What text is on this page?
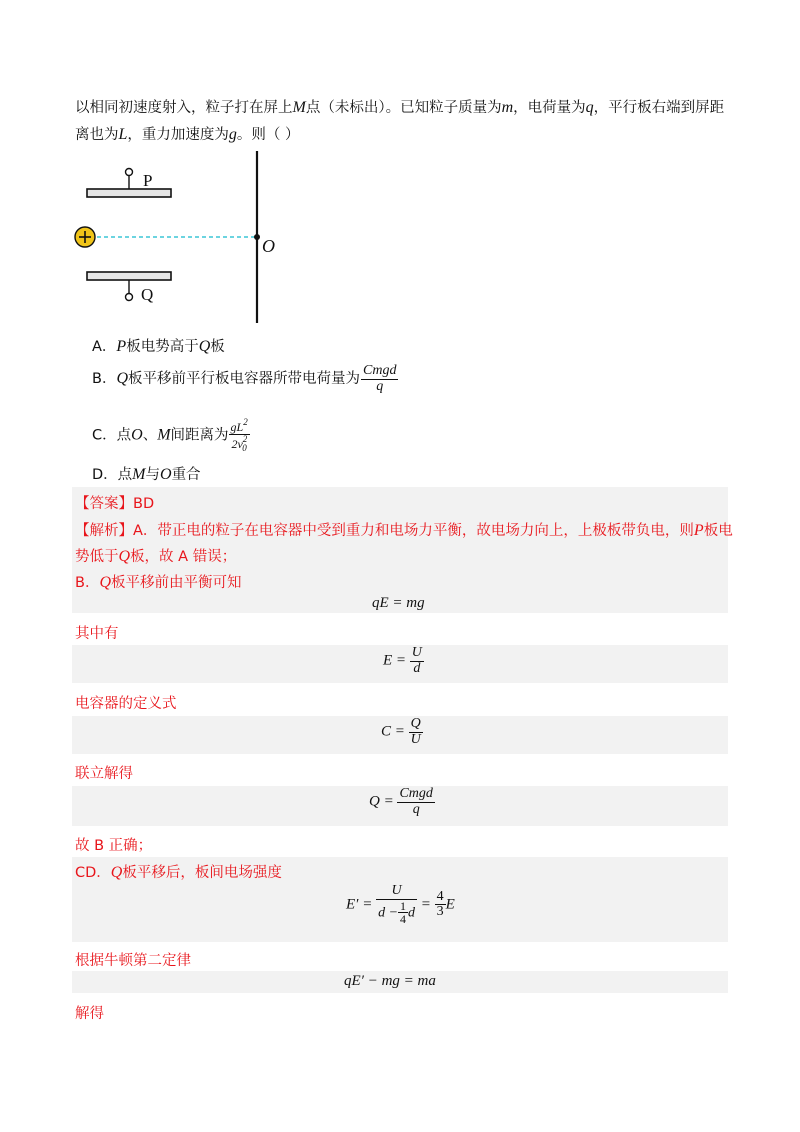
以相同初速度射入，粒子打在屏上M点（未标出）。已知粒子质量为m，电荷量为q，平行板右端到屏距
离也为L，重力加速度为g。则（ ）
P
Q
O
A．P板电势高于Q板
B．Q板平移前平行板电容器所带电荷量为 $\frac{\text{Cmgd}}{q}$
C．点O、M间距离为 $\frac{gL^2}{2v^2_0}$
D．点M与O重合
【答案】BD
【解析】A．带正电的粒子在电容器中受到重力和电场力平衡，故电场力向上，上极板带负电，则P板电
势低于Q板，故 A 错误；
B．Q板平移前由平衡可知
qE = mg
其中有
$E = \frac{U}{d}$
电容器的定义式
$C = \frac{Q}{U}$
联立解得
$Q = \frac{\text{Cmgd}}{q}$
故 B 正确；
CD．Q板平移后，板间电场强度
$E' = \frac{U}{d - \frac{1}{4} d} = \frac{4}{3}$ E
根据牛顿第二定律
qE′ − mg = ma
解得
